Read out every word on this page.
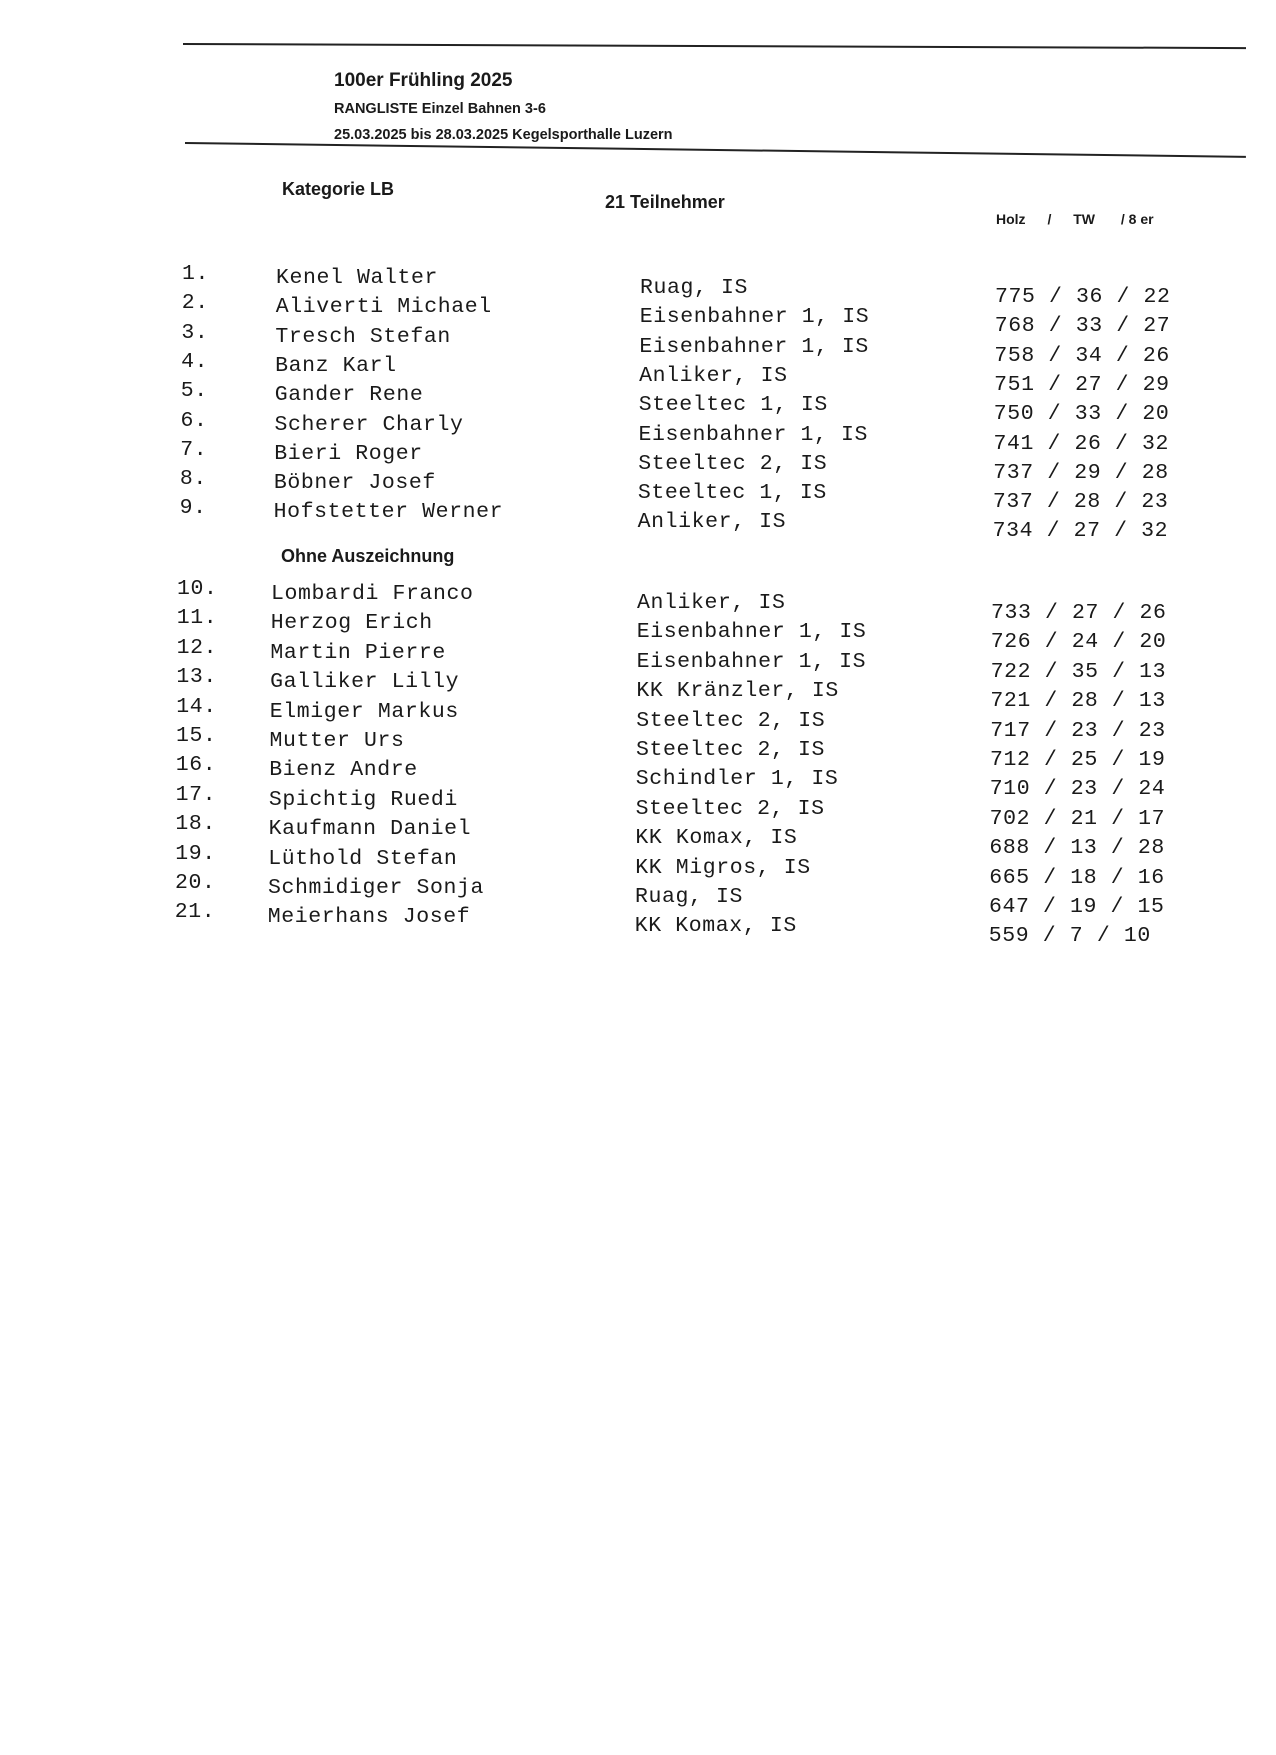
100er Frühling 2025
RANGLISTE Einzel Bahnen 3-6
25.03.2025 bis 28.03.2025 Kegelsporthalle Luzern
Kategorie LB
21 Teilnehmer
Holz / TW / 8 er
1.	Kenel Walter	Ruag, IS	775 / 36 / 22
2.	Aliverti Michael	Eisenbahner 1, IS	768 / 33 / 27
3.	Tresch Stefan	Eisenbahner 1, IS	758 / 34 / 26
4.	Banz Karl	Anliker, IS	751 / 27 / 29
5.	Gander Rene	Steeltec 1, IS	750 / 33 / 20
6.	Scherer Charly	Eisenbahner 1, IS	741 / 26 / 32
7.	Bieri Roger	Steeltec 2, IS	737 / 29 / 28
8.	Böbner Josef	Steeltec 1, IS	737 / 28 / 23
9.	Hofstetter Werner	Anliker, IS	734 / 27 / 32
Ohne Auszeichnung
10. Lombardi Franco	Anliker, IS	733 / 27 / 26
11. Herzog Erich	Eisenbahner 1, IS	726 / 24 / 20
12. Martin Pierre	Eisenbahner 1, IS	722 / 35 / 13
13. Galliker Lilly	KK Kränzler, IS	721 / 28 / 13
14. Elmiger Markus	Steeltec 2, IS	717 / 23 / 23
15. Mutter Urs	Steeltec 2, IS	712 / 25 / 19
16. Bienz Andre	Schindler 1, IS	710 / 23 / 24
17. Spichtig Ruedi	Steeltec 2, IS	702 / 21 / 17
18. Kaufmann Daniel	KK Komax, IS	688 / 13 / 28
19. Lüthold Stefan	KK Migros, IS	665 / 18 / 16
20. Schmidiger Sonja	Ruag, IS	647 / 19 / 15
21. Meierhans Josef	KK Komax, IS	559 / 7 / 10
